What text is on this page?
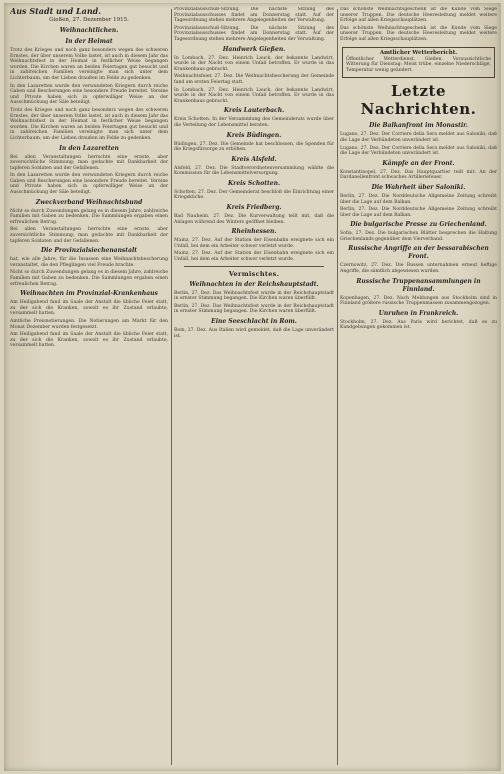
Aus Stadt und Land.
Gießen, 27. Dezember 1915.
Weihnachtlichen.
In der Heimat

Trotz des Krieges und noch ganz besonders wegen des schweren Ernstes, der über unserem Volke lastet, ist auch in diesem Jahr das Weihnachtsfest in der Heimat in festlicher Weise begangen worden. Die Kirchen waren an beiden Feiertagen gut besucht und in zahlreichen Familien vereinigte man sich unter dem Lichterbaum, um der Lieben draußen im Felde zu gedenken.

In den Lazaretten wurde den verwundeten Kriegern durch reiche Gaben und Bescherungen eine besondere Freude bereitet. Vereine und Private haben sich in opferwilliger Weise an der Ausschmückung der Säle beteiligt.

Trotz des Krieges und noch ganz besonders wegen des schweren Ernstes, der über unserem Volke lastet, ist auch in diesem Jahr das Weihnachtsfest in der Heimat in festlicher Weise begangen worden. Die Kirchen waren an beiden Feiertagen gut besucht und in zahlreichen Familien vereinigte man sich unter dem Lichterbaum, um der Lieben draußen im Felde zu gedenken.

In den Lazaretten

Bei allen Veranstaltungen herrschte eine ernste, aber zuversichtliche Stimmung; man gedachte mit Dankbarkeit der tapferen Soldaten und der Gefallenen.

In den Lazaretten wurde den verwundeten Kriegern durch reiche Gaben und Bescherungen eine besondere Freude bereitet. Vereine und Private haben sich in opferwilliger Weise an der Ausschmückung der Säle beteiligt.

Zweckverband Weihnachtsbund

Nicht so durch Zuwendungen gelang es in diesem Jahre, zahlreiche Familien mit Gaben zu bedenken. Die Sammlungen ergaben einen erfreulichen Betrag.

Bei allen Veranstaltungen herrschte eine ernste, aber zuversichtliche Stimmung; man gedachte mit Dankbarkeit der tapferen Soldaten und der Gefallenen.

Die Provinzialsiechenanstalt

hat, wie alle Jahre, für die Insassen eine Weihnachtsbescherung veranstaltet, die den Pfleglingen viel Freude brachte.

Nicht so durch Zuwendungen gelang es in diesem Jahre, zahlreiche Familien mit Gaben zu bedenken. Die Sammlungen ergaben einen erfreulichen Betrag.

Weihnachten im Provinzial-Krankenhaus

Am Heiligabend fand im Saale der Anstalt die übliche Feier statt, zu der sich die Kranken, soweit es ihr Zustand erlaubte, versammelt hatten.

Amtliche Preisnotierungen. Die Notierungen am Markt für den Monat Dezember wurden festgesetzt.

Am Heiligabend fand im Saale der Anstalt die übliche Feier statt, zu der sich die Kranken, soweit es ihr Zustand erlaubte, versammelt hatten.

Provinzialausschuß-Sitzung. Die nächste Sitzung des Provinzialausschusses findet am Donnerstag statt. Auf der Tagesordnung stehen mehrere Angelegenheiten der Verwaltung.

Provinzialausschuß-Sitzung. Die nächste Sitzung des Provinzialausschusses findet am Donnerstag statt. Auf der Tagesordnung stehen mehrere Angelegenheiten der Verwaltung.

Handwerk Gießen.

In Lombach, 27. Dez. Heinrich Lauck, der bekannte Landwirt, wurde in der Nacht von einem Unfall betroffen. Er wurde in das Krankenhaus gebracht.

Weihnachtsfeier, 27. Dez. Die Weihnachtsbescherung der Gemeinde fand am ersten Feiertag statt.

In Lombach, 27. Dez. Heinrich Lauck, der bekannte Landwirt, wurde in der Nacht von einem Unfall betroffen. Er wurde in das Krankenhaus gebracht.

Kreis Lauterbach.

Kreis Schotten. In der Versammlung des Gemeinderats wurde über die Verteilung der Lebensmittel beraten.

Kreis Büdingen.

Büdingen, 27. Dez. Die Gemeinde hat beschlossen, die Spenden für die Kriegsfürsorge zu erhöhen.

Kreis Alsfeld.

Alsfeld, 27. Dez. Die Stadtverordnetenversammlung wählte die Kommission für die Lebensmittelversorgung.

Kreis Schotten.

Schotten, 27. Dez. Der Gemeinderat beschloß die Einrichtung einer Kriegsküche.

Kreis Friedberg.

Bad Nauheim, 27. Dez. Die Kurverwaltung teilt mit, daß die Anlagen während des Winters geöffnet bleiben.

Rheinhessen.

Mainz, 27. Dez. Auf der Station der Eisenbahn ereignete sich ein Unfall, bei dem ein Arbeiter schwer verletzt wurde.

Mainz, 27. Dez. Auf der Station der Eisenbahn ereignete sich ein Unfall, bei dem ein Arbeiter schwer verletzt wurde.

Vermischtes.
Weihnachten in der Reichshauptstadt.

Berlin, 27. Dez. Das Weihnachtsfest wurde in der Reichshauptstadt in ernster Stimmung begangen. Die Kirchen waren überfüllt.

Berlin, 27. Dez. Das Weihnachtsfest wurde in der Reichshauptstadt in ernster Stimmung begangen. Die Kirchen waren überfüllt.

Eine Seeschlacht in Rom.

Rom, 27. Dez. Aus Italien wird gemeldet, daß die Lage unverändert ist.

Das schönste Weihnachtsgeschenk ist die Kunde vom Siege unserer Truppen. Die deutsche Heeresleitung meldet weitere Erfolge auf allen Kriegsschauplätzen.

Das schönste Weihnachtsgeschenk ist die Kunde vom Siege unserer Truppen. Die deutsche Heeresleitung meldet weitere Erfolge auf allen Kriegsschauplätzen.

Amtlicher Wetterbericht.

Öffentlicher Wetterdienst, Gießen. Voraussichtliche Witterung für Dienstag: Meist trübe, einzelne Niederschläge, Temperatur wenig geändert.

Letzte Nachrichten.
Die Balkanfront im Monastir.

Lugano, 27. Dez. Der Corriere della Sera meldet aus Saloniki, daß die Lage der Verbündeten unverändert ist.

Lugano, 27. Dez. Der Corriere della Sera meldet aus Saloniki, daß die Lage der Verbündeten unverändert ist.

Kämpfe an der Front.

Konstantinopel, 27. Dez. Das Hauptquartier teilt mit: An der Dardanellenfront schwaches Artilleriefeuer.

Die Wahrheit über Saloniki.

Berlin, 27. Dez. Die Norddeutsche Allgemeine Zeitung schreibt über die Lage auf dem Balkan.

Berlin, 27. Dez. Die Norddeutsche Allgemeine Zeitung schreibt über die Lage auf dem Balkan.

Die bulgarische Presse zu Griechenland.

Sofia, 27. Dez. Die bulgarischen Blätter besprechen die Haltung Griechenlands gegenüber dem Vierverband.

Russische Angriffe an der bessarabischen Front.

Czernowitz, 27. Dez. Die Russen unternahmen erneut heftige Angriffe, die sämtlich abgewiesen wurden.

Russische Truppenansammlungen in Finnland.

Kopenhagen, 27. Dez. Nach Meldungen aus Stockholm sind in Finnland größere russische Truppenmassen zusammengezogen.

Unruhen in Frankreich.

Stockholm, 27. Dez. Aus Paris wird berichtet, daß es zu Kundgebungen gekommen ist.
